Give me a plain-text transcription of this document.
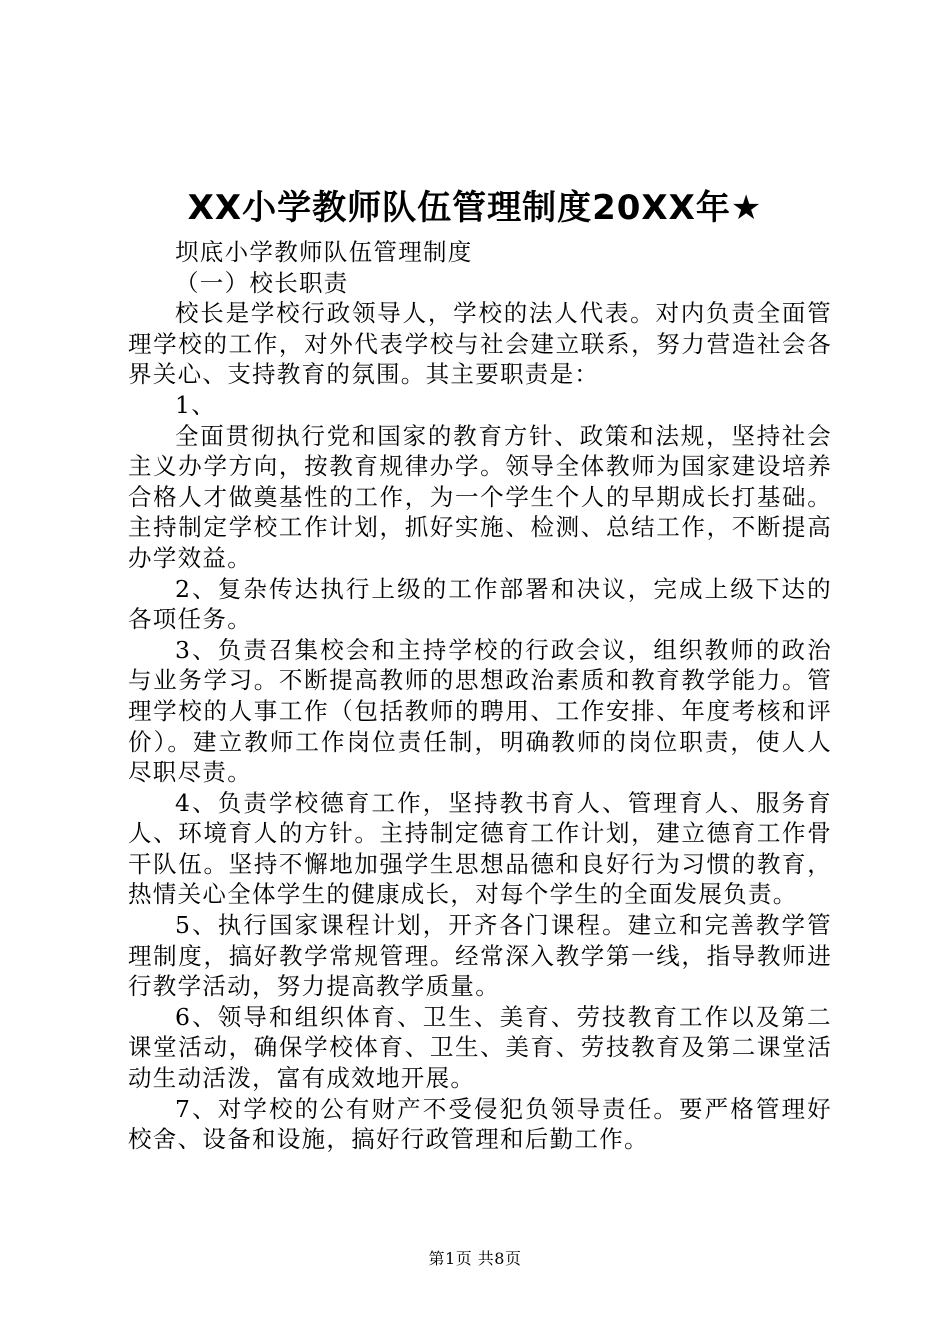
XX小学教师队伍管理制度20XX年★

坝底小学教师队伍管理制度

（一）校长职责

校长是学校行政领导人，学校的法人代表。对内负责全面管理学校的工作，对外代表学校与社会建立联系，努力营造社会各界关心、支持教育的氛围。其主要职责是：

1、

全面贯彻执行党和国家的教育方针、政策和法规，坚持社会主义办学方向，按教育规律办学。领导全体教师为国家建设培养合格人才做奠基性的工作，为一个学生个人的早期成长打基础。主持制定学校工作计划，抓好实施、检测、总结工作，不断提高办学效益。

2、复杂传达执行上级的工作部署和决议，完成上级下达的各项任务。

3、负责召集校会和主持学校的行政会议，组织教师的政治与业务学习。不断提高教师的思想政治素质和教育教学能力。管理学校的人事工作（包括教师的聘用、工作安排、年度考核和评价）。建立教师工作岗位责任制，明确教师的岗位职责，使人人尽职尽责。

4、负责学校德育工作，坚持教书育人、管理育人、服务育人、环境育人的方针。主持制定德育工作计划，建立德育工作骨干队伍。坚持不懈地加强学生思想品德和良好行为习惯的教育，热情关心全体学生的健康成长，对每个学生的全面发展负责。

5、执行国家课程计划，开齐各门课程。建立和完善教学管理制度，搞好教学常规管理。经常深入教学第一线，指导教师进行教学活动，努力提高教学质量。

6、领导和组织体育、卫生、美育、劳技教育工作以及第二课堂活动，确保学校体育、卫生、美育、劳技教育及第二课堂活动生动活泼，富有成效地开展。

7、对学校的公有财产不受侵犯负领导责任。要严格管理好校舍、设备和设施，搞好行政管理和后勤工作。

第1页 共8页
